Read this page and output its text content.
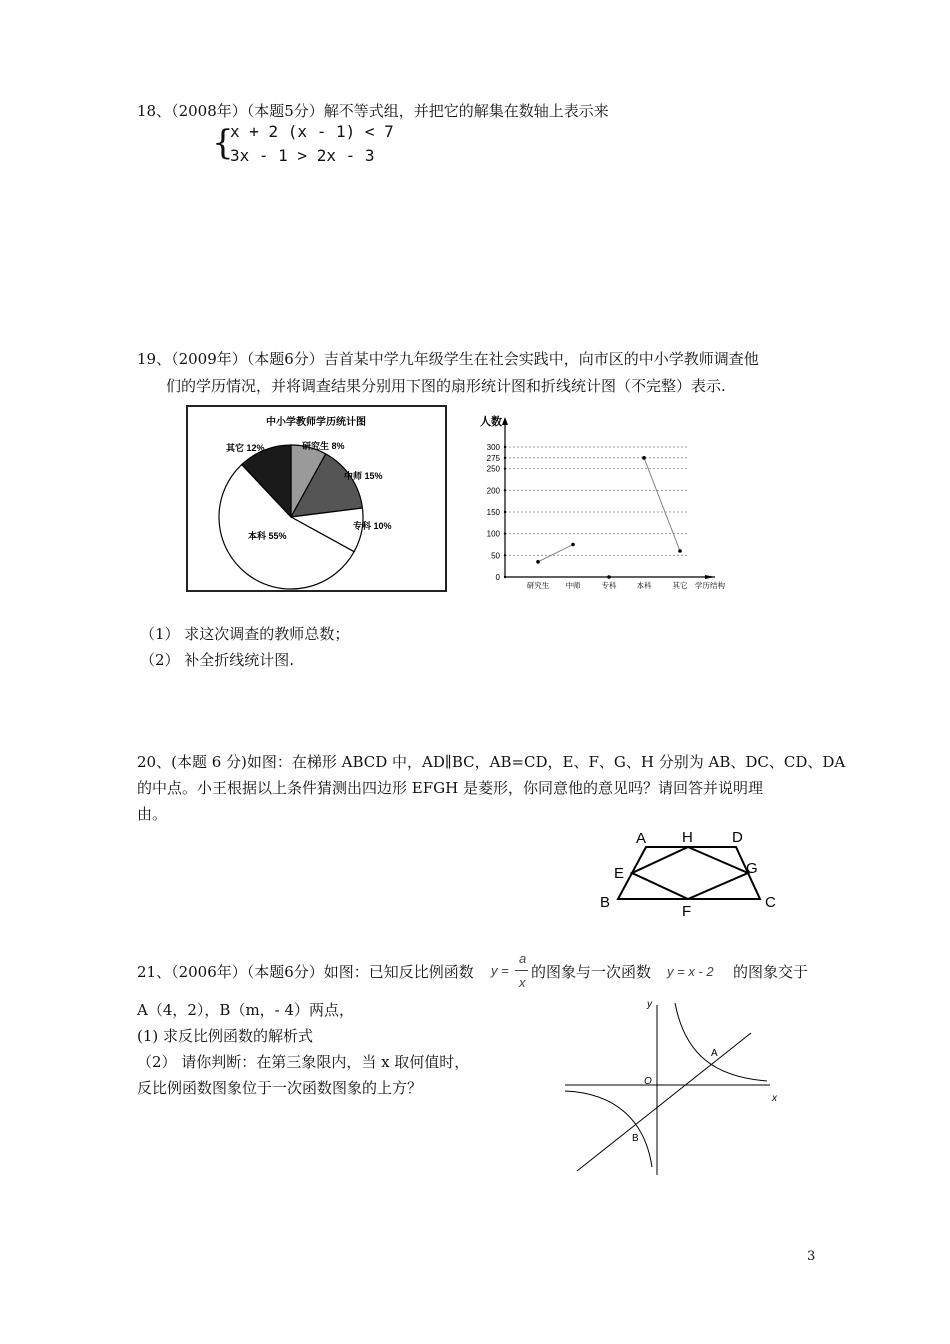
18、（2008年）（本题5分）解不等式组，并把它的解集在数轴上表示来
{
x + 2 (x - 1) < 7
3x - 1 > 2x - 3
19、（2009年）（本题6分）吉首某中学九年级学生在社会实践中，向市区的中小学教师调查他
们的学历情况，并将调查结果分别用下图的扇形统计图和折线统计图（不完整）表示.
中小学教师学历统计图
研究生 8%
中师 15%
专科 10%
本科 55%
其它 12%
人数
0
50
100
150
200
250
275
300
研究生 中师	专科	本科	其它 学历结构
（1） 求这次调查的教师总数；
（2） 补全折线统计图.
20、(本题 6 分)如图：在梯形 ABCD 中，AD∥BC，AB=CD，E、F、G、H 分别为 AB、DC、CD、DA
的中点。小王根据以上条件猜测出四边形 EFGH 是菱形，你同意他的意见吗？请回答并说明理
由。
A H	D
E	G
B
F
C
21、（2006年）（本题6分）如图：已知反比例函数 y =
a
x
的图象与一次函数 y = x - 2 的图象交于
A（4，2），B（m，- 4）两点，
(1) 求反比例函数的解析式
（2） 请你判断：在第三象限内，当 x 取何值时，
反比例函数图象位于一次函数图象的上方？
y
x
O
A
B
3
